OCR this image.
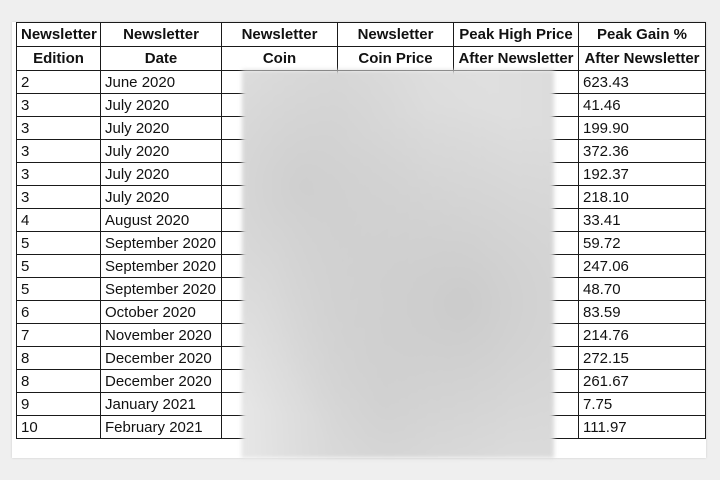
Newsletter	Newsletter	Newsletter	Newsletter	Peak High Price	Peak Gain %
Edition	Date	Coin	Coin Price	After Newsletter	After Newsletter
2	June 2020				623.43
3	July 2020				41.46
3	July 2020				199.90
3	July 2020				372.36
3	July 2020				192.37
3	July 2020				218.10
4	August 2020				33.41
5	September 2020				59.72
5	September 2020				247.06
5	September 2020				48.70
6	October 2020				83.59
7	November 2020				214.76
8	December 2020				272.15
8	December 2020				261.67
9	January 2021				7.75
10	February 2021				111.97
